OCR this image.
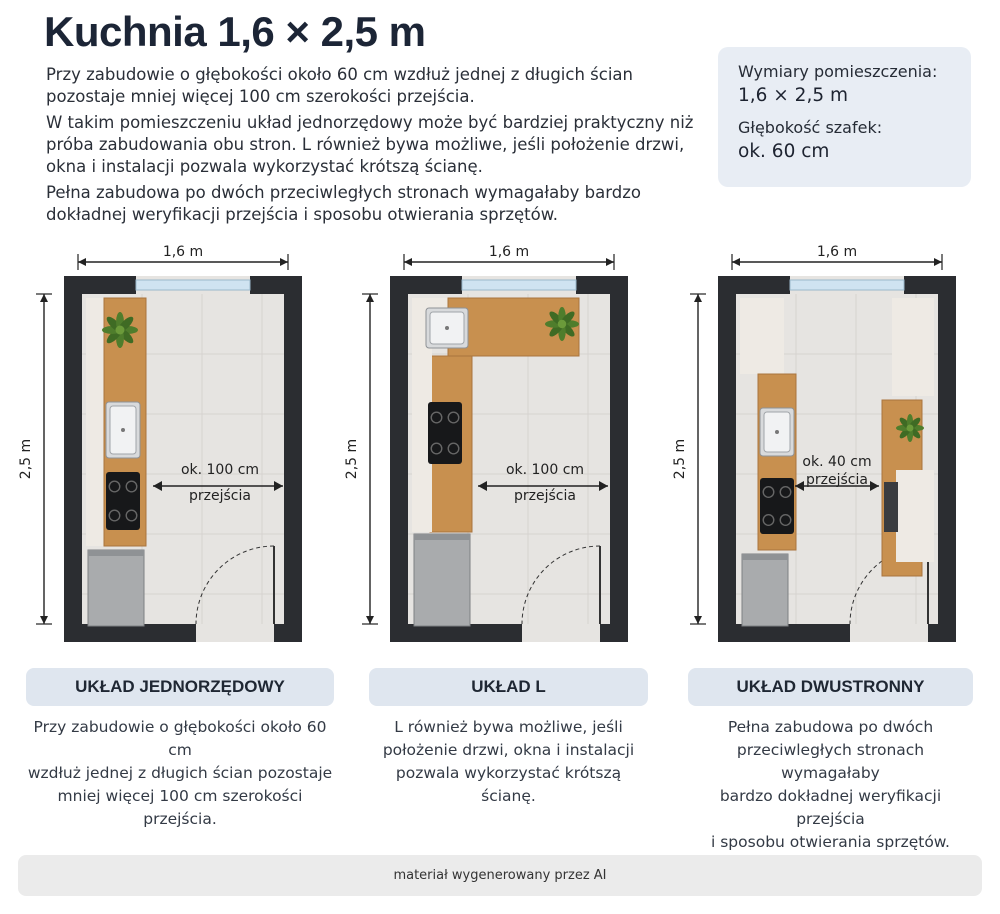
Kuchnia 1,6 × 2,5 m

Przy zabudowie o głębokości około 60 cm wzdłuż jednej z długich ścian pozostaje mniej więcej 100 cm szerokości przejścia.

W takim pomieszczeniu układ jednorzędowy może być bardziej praktyczny niż próba zabudowania obu stron. L również bywa możliwe, jeśli położenie drzwi, okna i instalacji pozwala wykorzystać krótszą ścianę.

Pełna zabudowa po dwóch przeciwległych stronach wymagałaby bardzo dokładnej weryfikacji przejścia i sposobu otwierania sprzętów.

Wymiary pomieszczenia:
1,6 × 2,5 m
Głębokość szafek:
ok. 60 cm
1,6 m
2,5 m	ok. 100 cm
przejścia
1,6 m
2,5 m	ok. 100 cm
przejścia
1,6 m
2,5 m	ok. 40 cm
przejścia
UKŁAD JEDNORZĘDOWY	UKŁAD L	UKŁAD DWUSTRONNY
Przy zabudowie o głębokości około 60 cm
wzdłuż jednej z długich ścian pozostaje
mniej więcej 100 cm szerokości przejścia.
L również bywa możliwe, jeśli
położenie drzwi, okna i instalacji
pozwala wykorzystać krótszą ścianę.
Pełna zabudowa po dwóch
przeciwległych stronach wymagałaby
bardzo dokładnej weryfikacji przejścia
i sposobu otwierania sprzętów.
materiał wygenerowany przez AI
